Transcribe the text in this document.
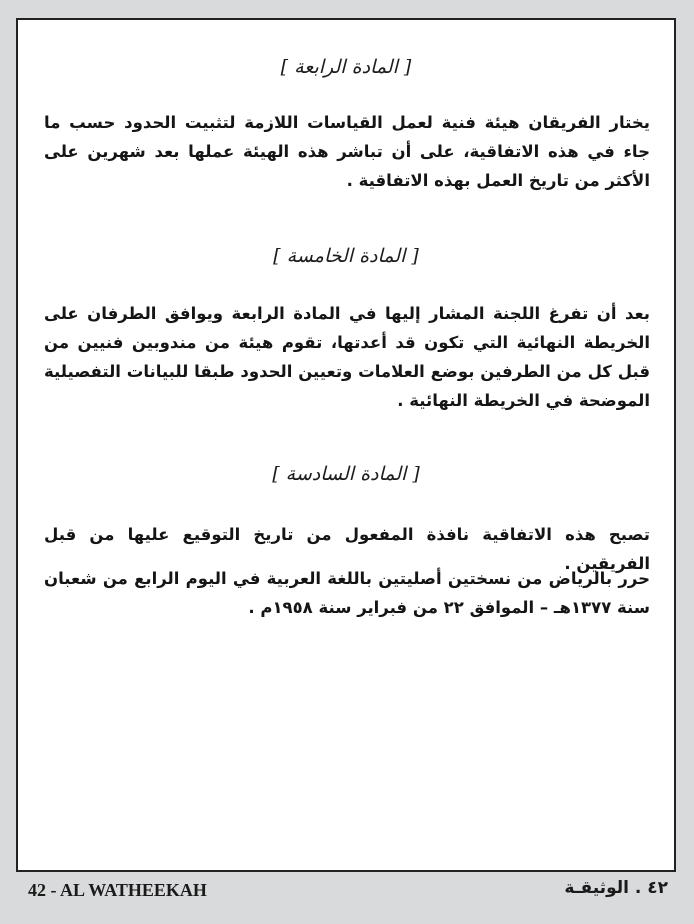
[ المادة الرابعة ]

يختار الفريقان هيئة فنية لعمل القياسات اللازمة لتثبيت الحدود حسب ما جاء في هذه الاتفاقية، على أن تباشر هذه الهيئة عملها بعد شهرين على الأكثر من تاريخ العمل بهذه الاتفاقية .

[ المادة الخامسة ]

بعد أن تفرغ اللجنة المشار إليها في المادة الرابعة ويوافق الطرفان على الخريطة النهائية التي تكون قد أعدتها، تقوم هيئة من مندوبين فنيين من قبل كل من الطرفين بوضع العلامات وتعيين الحدود طبقا للبيانات التفصيلية الموضحة في الخريطة النهائية .

[ المادة السادسة ]

تصبح هذه الاتفاقية نافذة المفعول من تاريخ التوقيع عليها من قبل الفريقين .

حرر بالرياض من نسختين أصليتين باللغة العربية في اليوم الرابع من شعبان سنة ١٣٧٧هـ – الموافق ٢٢ من فبراير سنة ١٩٥٨م .

42 - AL WATHEEKAH	٤٢ . الوثيقـة
